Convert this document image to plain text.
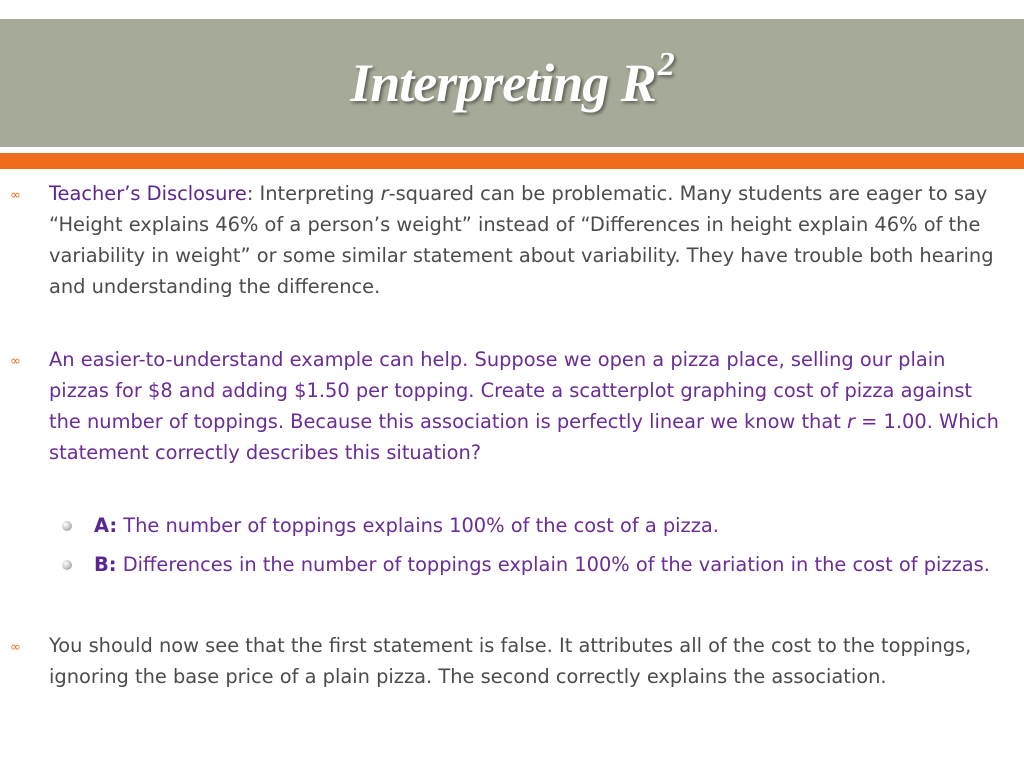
Interpreting $R^2$
∞ Teacher’s Disclosure: Interpreting r-squared can be problematic. Many students are eager to say “Height explains 46% of a person’s weight” instead of “Differences in height explain 46% of the variability in weight” or some similar statement about variability. They have trouble both hearing and understanding the difference.
∞ An easier-to-understand example can help. Suppose we open a pizza place, selling our plain pizzas for $8 and adding $1.50 per topping. Create a scatterplot graphing cost of pizza against the number of toppings. Because this association is perfectly linear we know that r = 1.00. Which statement correctly describes this situation?
A: The number of toppings explains 100% of the cost of a pizza.
B: Differences in the number of toppings explain 100% of the variation in the cost of pizzas.
∞ You should now see that the first statement is false. It attributes all of the cost to the toppings, ignoring the base price of a plain pizza. The second correctly explains the association.
